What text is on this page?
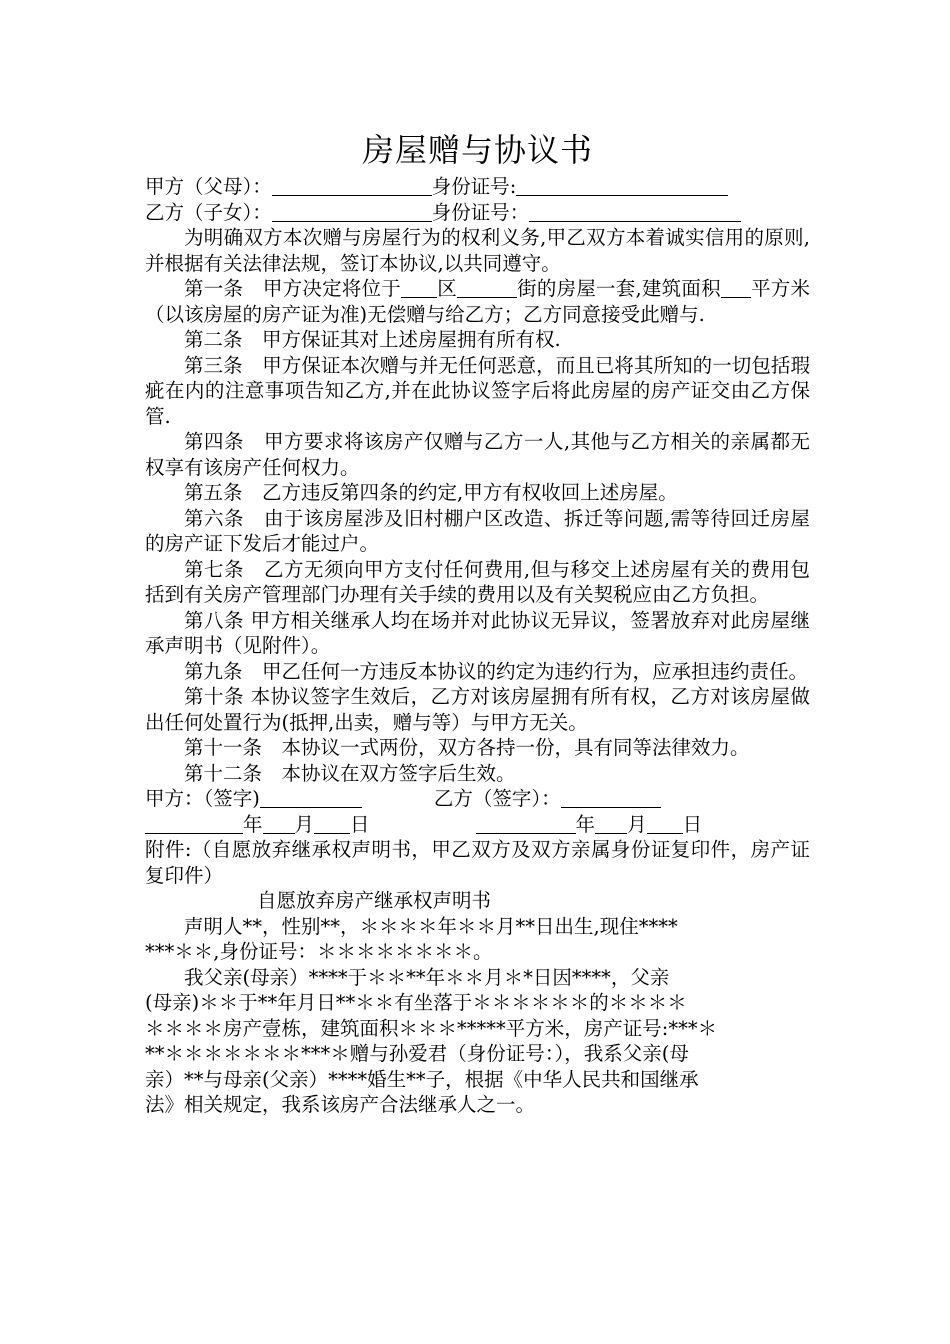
房屋赠与协议书
甲方（父母）：	身份证号:
乙方（子女）：	身份证号：

为明确双方本次赠与房屋行为的权利义务,甲乙双方本着诚实信用的原则,并根据有关法律法规，签订本协议,以共同遵守。

第一条　甲方决定将位于 区	街的房屋一套,建筑面积 平方米（以该房屋的房产证为准)无偿赠与给乙方；乙方同意接受此赠与.

第二条　甲方保证其对上述房屋拥有所有权.

第三条　甲方保证本次赠与并无任何恶意，而且已将其所知的一切包括瑕疵在内的注意事项告知乙方,并在此协议签字后将此房屋的房产证交由乙方保管.

第四条　甲方要求将该房产仅赠与乙方一人,其他与乙方相关的亲属都无权享有该房产任何权力。

第五条　乙方违反第四条的约定,甲方有权收回上述房屋。

第六条　由于该房屋涉及旧村棚户区改造、拆迁等问题,需等待回迁房屋的房产证下发后才能过户。

第七条　乙方无须向甲方支付任何费用,但与移交上述房屋有关的费用包括到有关房产管理部门办理有关手续的费用以及有关契税应由乙方负担。

第八条 甲方相关继承人均在场并对此协议无异议，签署放弃对此房屋继承声明书（见附件）。

第九条　甲乙任何一方违反本协议的约定为违约行为，应承担违约责任。

第十条 本协议签字生效后，乙方对该房屋拥有所有权，乙方对该房屋做出任何处置行为(抵押,出卖，赠与等）与甲方无关。

第十一条　本协议一式两份，双方各持一份，具有同等法律效力。

第十二条　本协议在双方签字后生效。

甲方：（签字)	乙方（签字）：
年 月 日	年 月 日

附件:（自愿放弃继承权声明书，甲乙双方及双方亲属身份证复印件，房产证复印件）

自愿放弃房产继承权声明书
声明人**，性别**，＊＊＊＊年＊＊月**日出生,现住****
***＊＊,身份证号：＊＊＊＊＊＊＊＊。
我父亲(母亲）****于＊＊**年＊＊月＊*日因****，父亲
(母亲)＊＊于**年月日**＊＊有坐落于＊＊＊＊＊＊的＊＊＊＊
＊＊＊＊房产壹栋，建筑面积＊＊＊*****平方米，房产证号:***＊
**＊＊＊＊＊＊＊***＊赠与孙爱君（身份证号：），我系父亲(母
亲）**与母亲(父亲）****婚生**子，根据《中华人民共和国继承
法》相关规定，我系该房产合法继承人之一。
